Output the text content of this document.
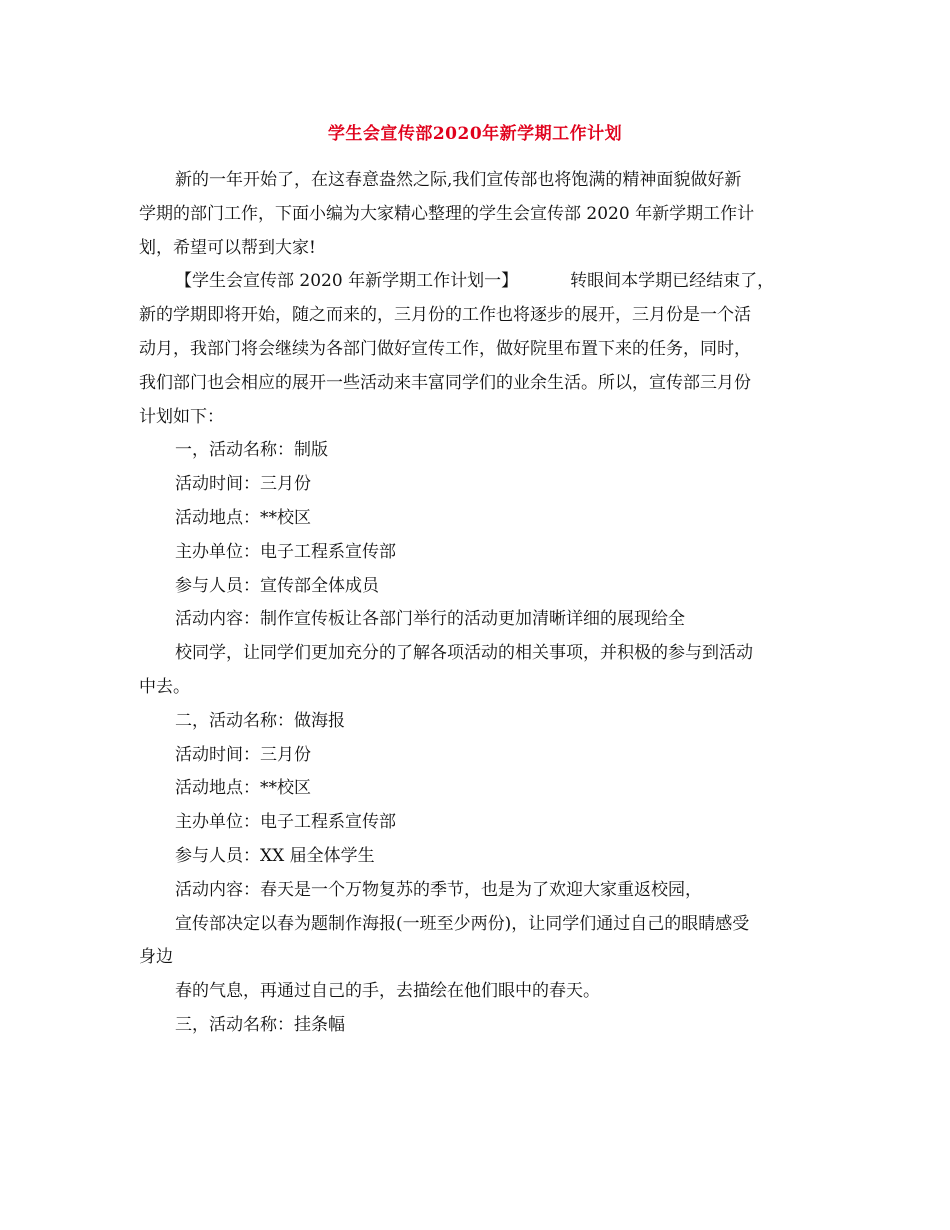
学生会宣传部2020年新学期工作计划
新的一年开始了，在这春意盎然之际,我们宣传部也将饱满的精神面貌做好新
学期的部门工作，下面小编为大家精心整理的学生会宣传部 2020 年新学期工作计
划，希望可以帮到大家!
【学生会宣传部 2020 年新学期工作计划一】	转眼间本学期已经结束了，
新的学期即将开始，随之而来的，三月份的工作也将逐步的展开，三月份是一个活
动月，我部门将会继续为各部门做好宣传工作，做好院里布置下来的任务，同时，
我们部门也会相应的展开一些活动来丰富同学们的业余生活。所以，宣传部三月份
计划如下：
一，活动名称：制版
活动时间：三月份
活动地点：**校区
主办单位：电子工程系宣传部
参与人员：宣传部全体成员
活动内容：制作宣传板让各部门举行的活动更加清晰详细的展现给全
校同学，让同学们更加充分的了解各项活动的相关事项，并积极的参与到活动
中去。
二，活动名称：做海报
活动时间：三月份
活动地点：**校区
主办单位：电子工程系宣传部
参与人员：XX 届全体学生
活动内容：春天是一个万物复苏的季节，也是为了欢迎大家重返校园，
宣传部决定以春为题制作海报(一班至少两份)，让同学们通过自己的眼睛感受
身边
春的气息，再通过自己的手，去描绘在他们眼中的春天。
三，活动名称：挂条幅
